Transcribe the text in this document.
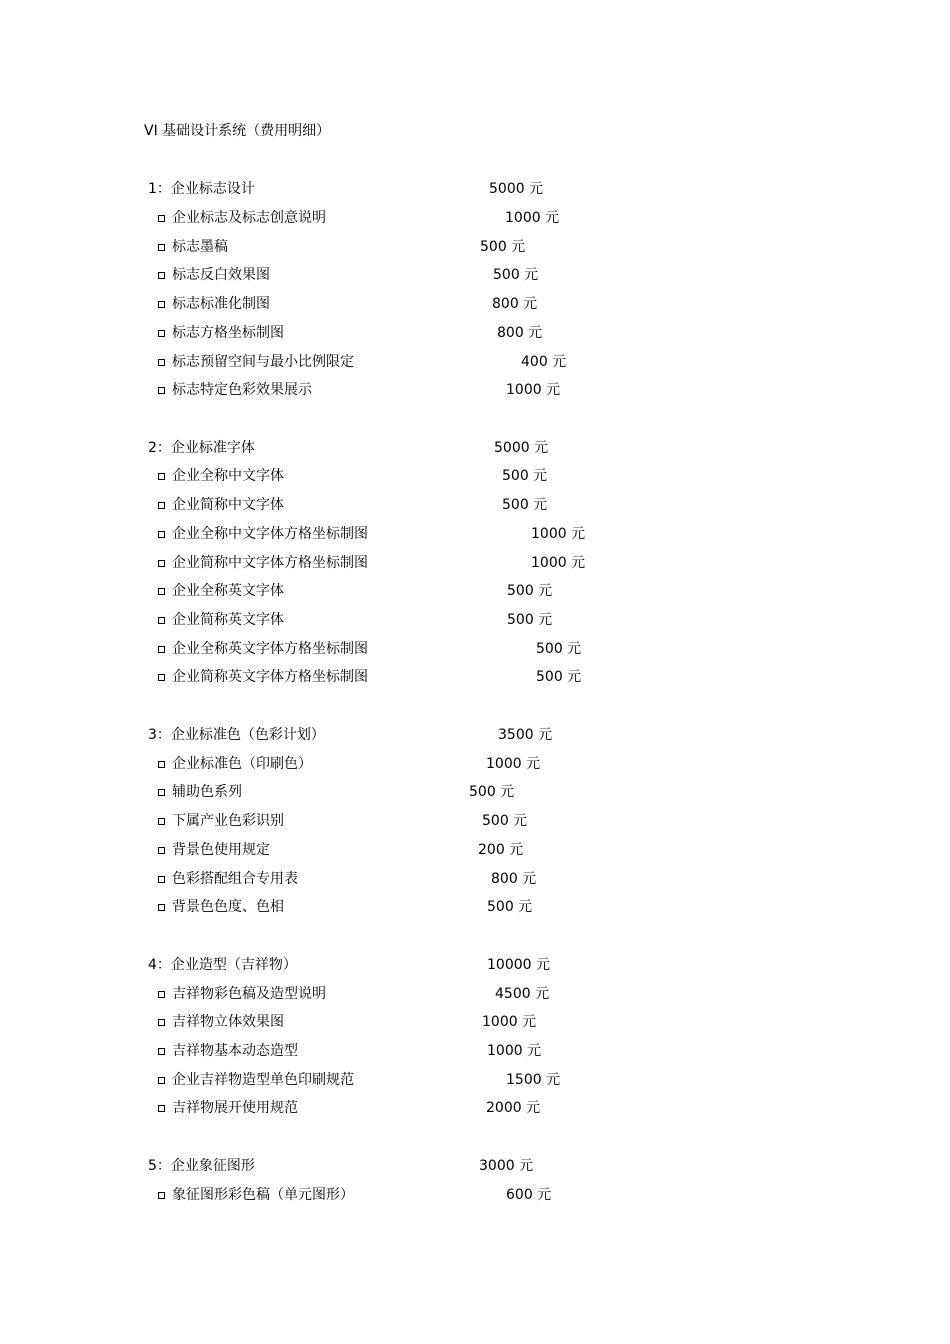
VI 基础设计系统（费用明细）
1：企业标志设计	5000 元
企业标志及标志创意说明	1000 元
标志墨稿	500 元
标志反白效果图	500 元
标志标准化制图	800 元
标志方格坐标制图	800 元
标志预留空间与最小比例限定	400 元
标志特定色彩效果展示	1000 元
2：企业标准字体	5000 元
企业全称中文字体	500 元
企业简称中文字体	500 元
企业全称中文字体方格坐标制图	1000 元
企业简称中文字体方格坐标制图	1000 元
企业全称英文字体	500 元
企业简称英文字体	500 元
企业全称英文字体方格坐标制图	500 元
企业简称英文字体方格坐标制图	500 元
3：企业标准色（色彩计划）	3500 元
企业标准色（印刷色）	1000 元
辅助色系列	500 元
下属产业色彩识别	500 元
背景色使用规定	200 元
色彩搭配组合专用表	800 元
背景色色度、色相	500 元
4：企业造型（吉祥物）	10000 元
吉祥物彩色稿及造型说明	4500 元
吉祥物立体效果图	1000 元
吉祥物基本动态造型	1000 元
企业吉祥物造型单色印刷规范	1500 元
吉祥物展开使用规范	2000 元
5：企业象征图形	3000 元
象征图形彩色稿（单元图形）	600 元
